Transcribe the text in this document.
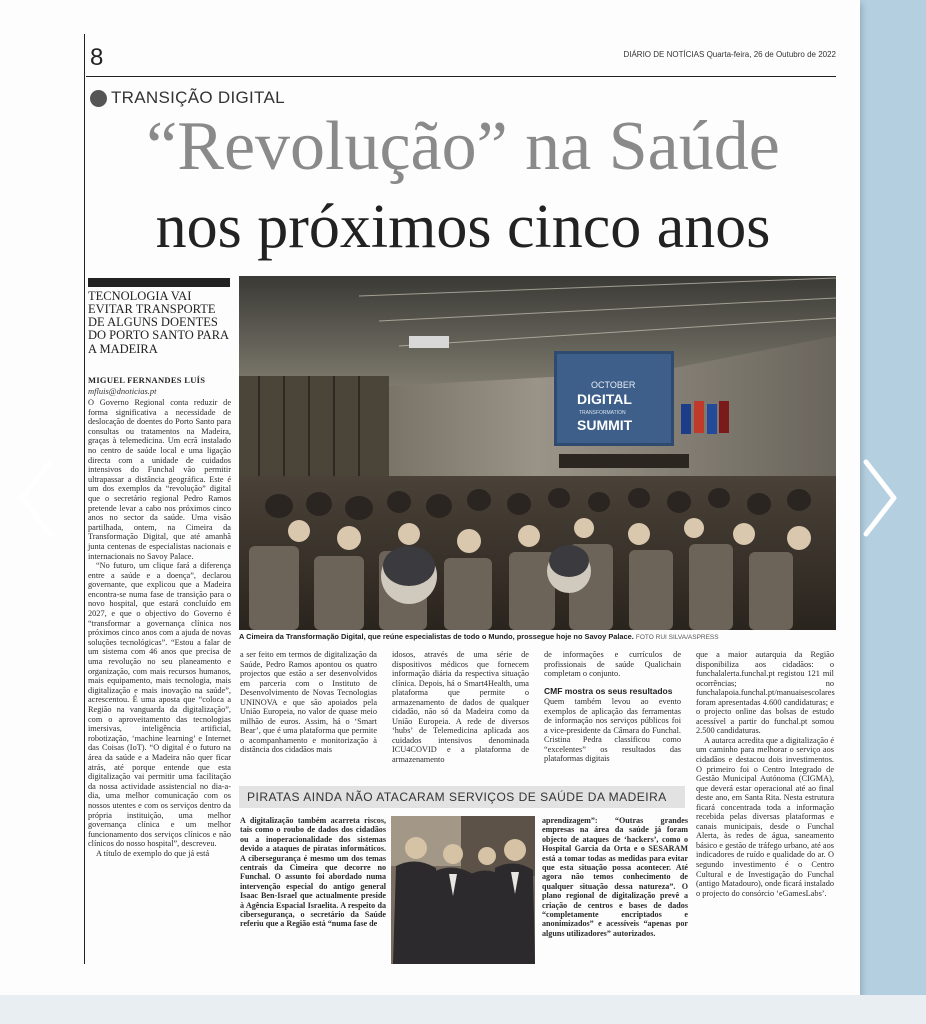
8	DIÁRIO DE NOTÍCIAS Quarta-feira, 26 de Outubro de 2022
TRANSIÇÃO DIGITAL
“Revolução” na Saúde
nos próximos cinco anos
TECNOLOGIA VAI EVITAR TRANSPORTE DE ALGUNS DOENTES DO PORTO SANTO PARA A MADEIRA
MIGUEL FERNANDES LUÍS
mfluis@dnoticias.pt

O Governo Regional conta reduzir de forma significativa a necessidade de deslocação de doentes do Porto Santo para consultas ou tratamentos na Madeira, graças à telemedicina. Um ecrã instalado no centro de saúde local e uma ligação directa com a unidade de cuidados intensivos do Funchal vão permitir ultrapassar a distância geográfica. Este é um dos exemplos da “revolução” digital que o secretário regional Pedro Ramos pretende levar a cabo nos próximos cinco anos no sector da saúde. Uma visão partilhada, ontem, na Cimeira da Transformação Digital, que até amanhã junta centenas de especialistas nacionais e internacionais no Savoy Palace.

“No futuro, um clique fará a diferença entre a saúde e a doença”, declarou governante, que explicou que a Madeira encontra-se numa fase de transição para o novo hospital, que estará concluído em 2027, e que o objectivo do Governo é “transformar a governança clínica nos próximos cinco anos com a ajuda de novas soluções tecnológicas”. “Estou a falar de um sistema com 46 anos que precisa de uma revolução no seu planeamento e organização, com mais recursos humanos, mais equipamento, mais tecnologia, mais digitalização e mais inovação na saúde”, acrescentou. É uma aposta que “coloca a Região na vanguarda da digitalização”, com o aproveitamento das tecnologias imersivas, inteligência artificial, robotização, ‘machine learning’ e Internet das Coisas (IoT). “O digital é o futuro na área da saúde e a Madeira não quer ficar atrás, até porque entende que esta digitalização vai permitir uma facilitação da nossa actividade assistencial no dia-a-dia, uma melhor comunicação com os nossos utentes e com os serviços dentro da própria instituição, uma melhor governança clínica e um melhor funcionamento dos serviços clínicos e não clínicos do nosso hospital”, descreveu.

A título de exemplo do que já está

OCTOBER
DIGITAL
TRANSFORMATION
SUMMIT
A Cimeira da Transformação Digital, que reúne especialistas de todo o Mundo, prossegue hoje no Savoy Palace. FOTO RUI SILVA/ASPRESS
a ser feito em termos de digitalização da Saúde, Pedro Ramos apontou os quatro projectos que estão a ser desenvolvidos em parceria com o Instituto de Desenvolvimento de Novas Tecnologias UNINOVA e que são apoiados pela União Europeia, no valor de quase meio milhão de euros. Assim, há o ‘Smart Bear’, que é uma plataforma que permite o acompanhamento e monitorização à distância dos cidadãos mais
idosos, através de uma série de dispositivos médicos que fornecem informação diária da respectiva situação clínica. Depois, há o Smart4Health, uma plataforma que permite o armazenamento de dados de qualquer cidadão, não só da Madeira como da União Europeia. A rede de diversos ‘hubs’ de Telemedicina aplicada aos cuidados intensivos denominada ICU4COVID e a plataforma de armazenamento
de informações e currículos de profissionais de saúde Qualichain completam o conjunto.
CMF mostra os seus resultados
Quem também levou ao evento exemplos de aplicação das ferramentas de informação nos serviços públicos foi a vice-presidente da Câmara do Funchal. Cristina Pedra classificou como “excelentes” os resultados das plataformas digitais

que a maior autarquia da Região disponibiliza aos cidadãos: o funchalalerta.funchal.pt registou 121 mil ocorrências; no funchalapoia.funchal.pt/manuaisescolares foram apresentadas 4.600 candidaturas; e o projecto online das bolsas de estudo acessível a partir do funchal.pt somou 2.500 candidaturas.

A autarca acredita que a digitalização é um caminho para melhorar o serviço aos cidadãos e destacou dois investimentos. O primeiro foi o Centro Integrado de Gestão Municipal Autónoma (CIGMA), que deverá estar operacional até ao final deste ano, em Santa Rita. Nesta estrutura ficará concentrada toda a informação recebida pelas diversas plataformas e canais municipais, desde o Funchal Alerta, às redes de água, saneamento básico e gestão de tráfego urbano, até aos indicadores de ruído e qualidade do ar. O segundo investimento é o Centro Cultural e de Investigação do Funchal (antigo Matadouro), onde ficará instalado o projecto do consórcio ‘eGamesLabs’.

PIRATAS AINDA NÃO ATACARAM SERVIÇOS DE SAÚDE DA MADEIRA
A digitalização também acarreta riscos, tais como o roubo de dados dos cidadãos ou a inoperacionalidade dos sistemas devido a ataques de piratas informáticos. A cibersegurança é mesmo um dos temas centrais da Cimeira que decorre no Funchal. O assunto foi abordado numa intervenção especial do antigo general Isaac Ben-Israel que actualmente preside à Agência Espacial Israelita. A respeito da cibersegurança, o secretário da Saúde referiu que a Região está “numa fase de
aprendizagem”: “Outras grandes empresas na área da saúde já foram objecto de ataques de ‘hackers’, como o Hospital Garcia da Orta e o SESARAM está a tomar todas as medidas para evitar que esta situação possa acontecer. Até agora não temos conhecimento de qualquer situação dessa natureza”. O plano regional de digitalização prevê a criação de centros e bases de dados “completamente encriptados e anonimizados” e acessíveis “apenas por alguns utilizadores” autorizados.
